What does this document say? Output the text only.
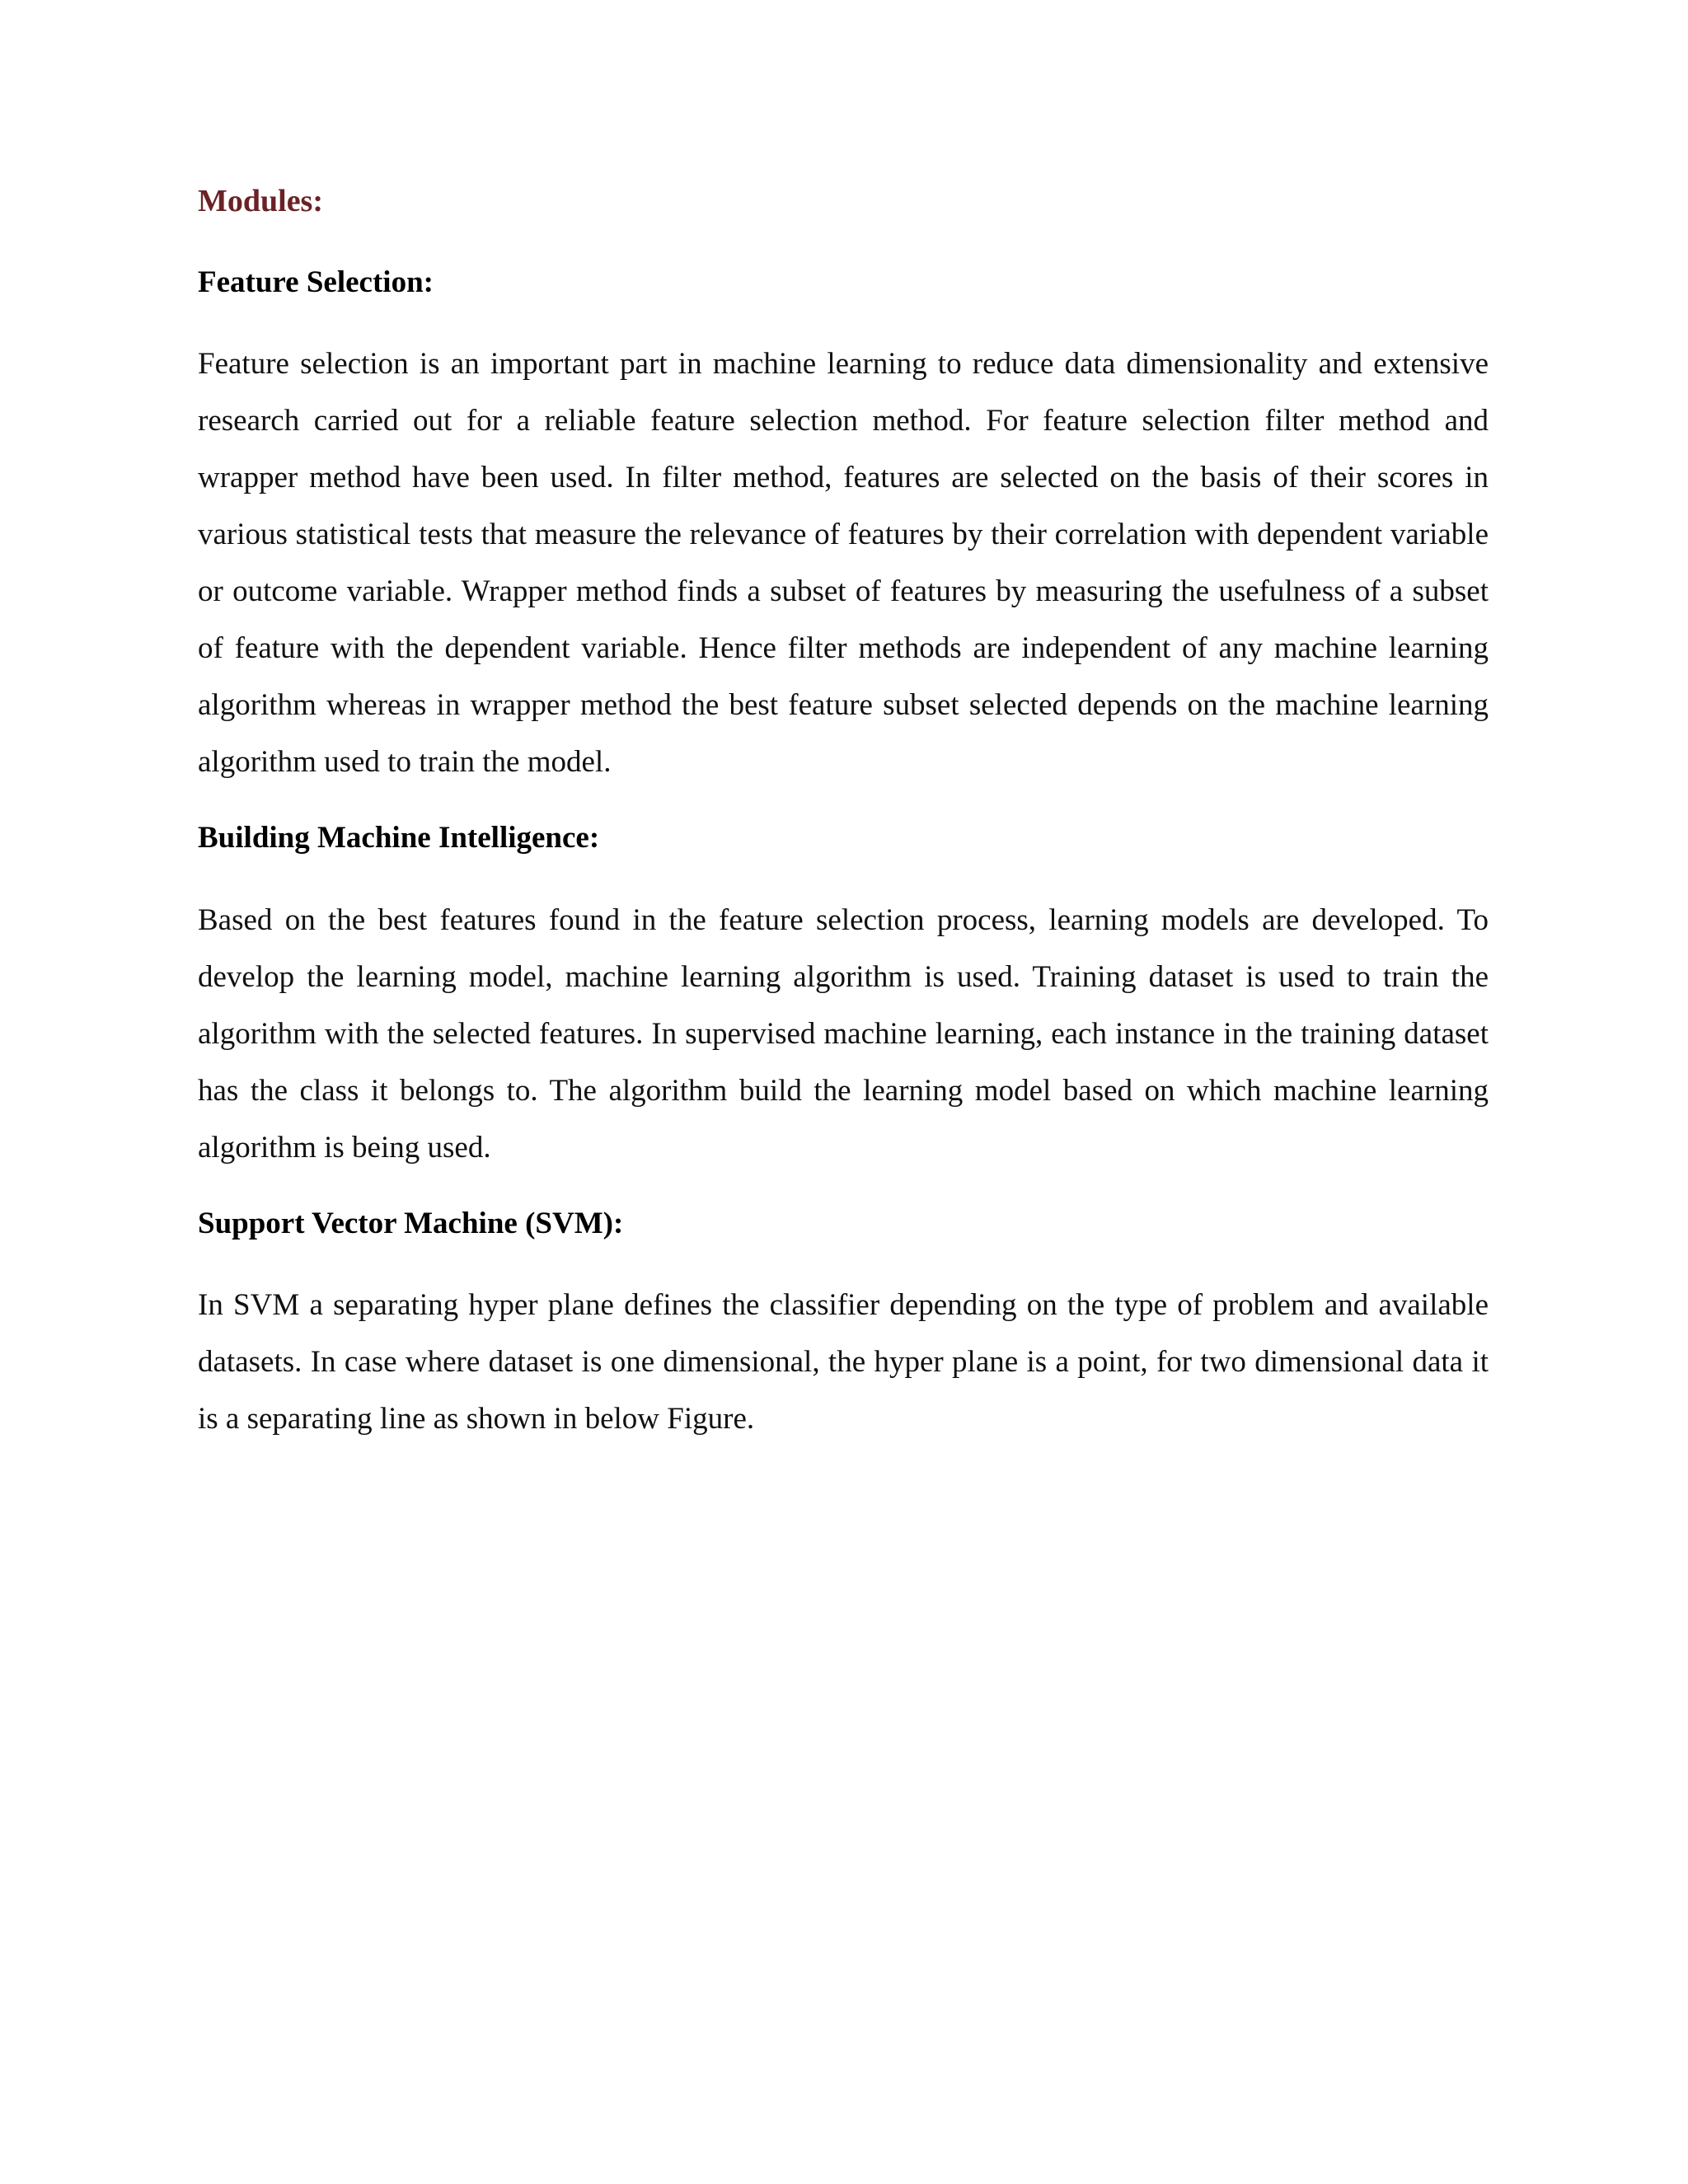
Modules:
Feature Selection:

Feature selection is an important part in machine learning to reduce data dimensionality and extensive research carried out for a reliable feature selection method. For feature selection filter method and wrapper method have been used. In filter method, features are selected on the basis of their scores in various statistical tests that measure the relevance of features by their correlation with dependent variable or outcome variable. Wrapper method finds a subset of features by measuring the usefulness of a subset of feature with the dependent variable. Hence filter methods are independent of any machine learning algorithm whereas in wrapper method the best feature subset selected depends on the machine learning algorithm used to train the model.

Building Machine Intelligence:

Based on the best features found in the feature selection process, learning models are developed. To develop the learning model, machine learning algorithm is used. Training dataset is used to train the algorithm with the selected features. In supervised machine learning, each instance in the training dataset has the class it belongs to. The algorithm build the learning model based on which machine learning algorithm is being used.

Support Vector Machine (SVM):

In SVM a separating hyper plane defines the classifier depending on the type of problem and available datasets. In case where dataset is one dimensional, the hyper plane is a point, for two dimensional data it is a separating line as shown in below Figure.
